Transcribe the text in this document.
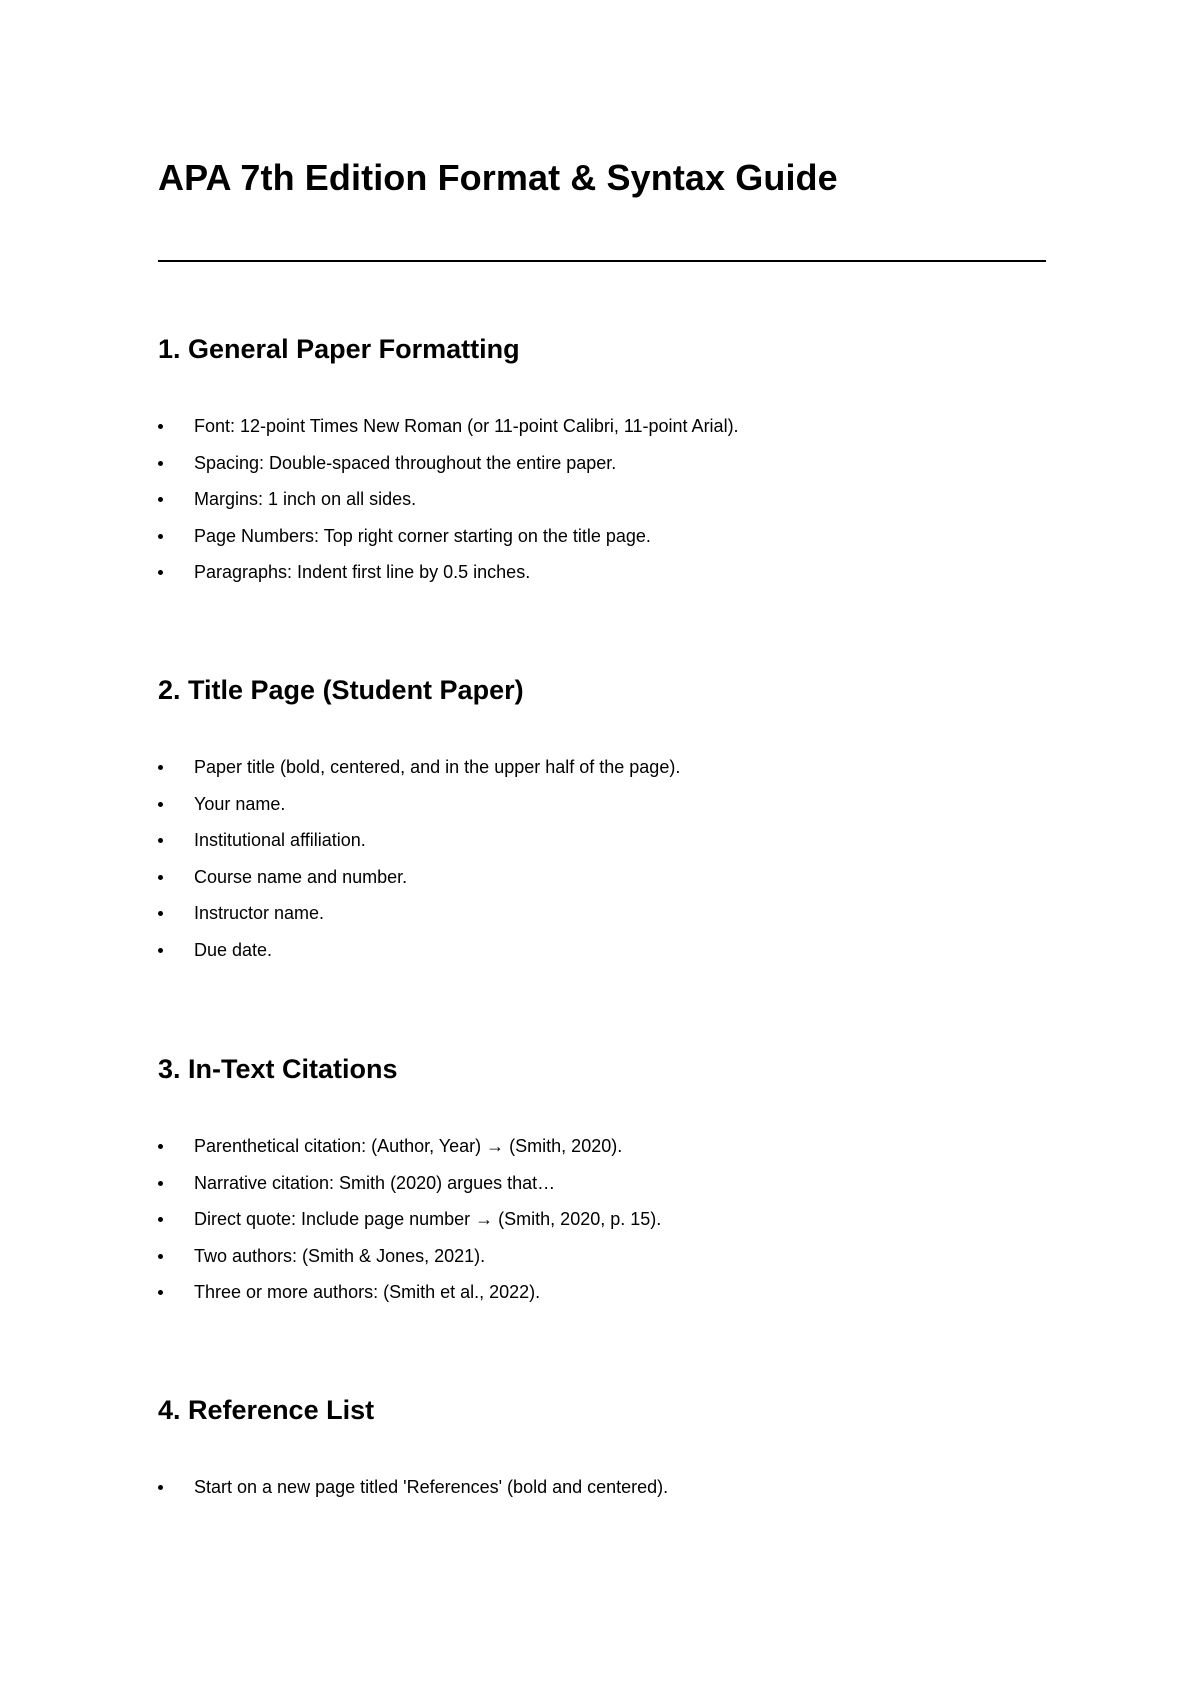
APA 7th Edition Format & Syntax Guide
1. General Paper Formatting
Font: 12-point Times New Roman (or 11-point Calibri, 11-point Arial).
Spacing: Double-spaced throughout the entire paper.
Margins: 1 inch on all sides.
Page Numbers: Top right corner starting on the title page.
Paragraphs: Indent first line by 0.5 inches.
2. Title Page (Student Paper)
Paper title (bold, centered, and in the upper half of the page).
Your name.
Institutional affiliation.
Course name and number.
Instructor name.
Due date.
3. In-Text Citations
Parenthetical citation: (Author, Year) → (Smith, 2020).
Narrative citation: Smith (2020) argues that…
Direct quote: Include page number → (Smith, 2020, p. 15).
Two authors: (Smith & Jones, 2021).
Three or more authors: (Smith et al., 2022).
4. Reference List
Start on a new page titled 'References' (bold and centered).
